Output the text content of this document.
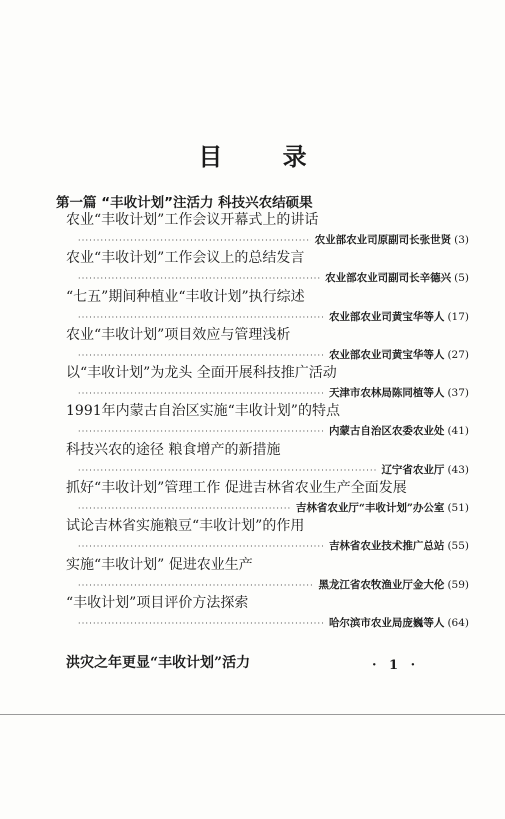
目 录
第一篇 “丰收计划”注活力 科技兴农结硕果
农业“丰收计划”工作会议开幕式上的讲话
·····
农业部农业司原副司长张世贤 (3)
农业“丰收计划”工作会议上的总结发言
·····
农业部农业司副司长辛德兴 (5)
“七五”期间种植业“丰收计划”执行综述
·····
农业部农业司黄宝华等人 (17)
农业“丰收计划”项目效应与管理浅析
·····
农业部农业司黄宝华等人 (27)
以“丰收计划”为龙头 全面开展科技推广活动
·····
天津市农林局陈同植等人 (37)
1991年内蒙古自治区实施“丰收计划”的特点
·····
内蒙古自治区农委农业处 (41)
科技兴农的途径 粮食增产的新措施
·····
辽宁省农业厅 (43)
抓好“丰收计划”管理工作 促进吉林省农业生产全面发展
·····
吉林省农业厅“丰收计划”办公室 (51)
试论吉林省实施粮豆“丰收计划”的作用
·····
吉林省农业技术推广总站 (55)
实施“丰收计划” 促进农业生产
·····
黑龙江省农牧渔业厅金大伦 (59)
“丰收计划”项目评价方法探索
·····
哈尔滨市农业局庞巍等人 (64)
洪灾之年更显“丰收计划”活力	· 1 ·
